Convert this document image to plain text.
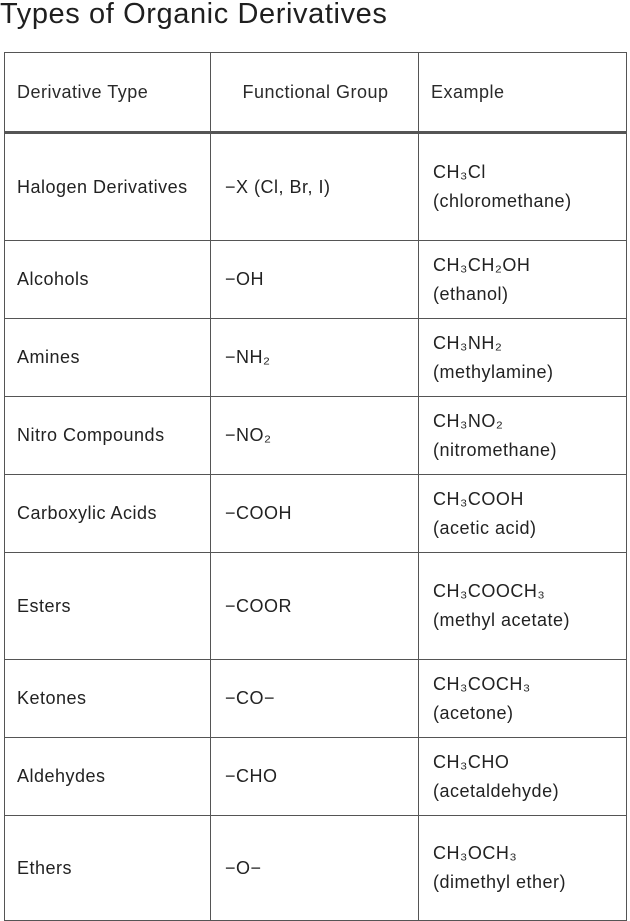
Types of Organic Derivatives
Derivative Type	Functional Group	Example
Halogen Derivatives	−X (Cl, Br, I)	CH₃Cl
(chloromethane)

Alcohols	−OH	CH₃CH₂OH
(ethanol)

Amines	−NH₂	CH₃NH₂
(methylamine)

Nitro Compounds	−NO₂	CH₃NO₂
(nitromethane)

Carboxylic Acids	−COOH	CH₃COOH
(acetic acid)

Esters	−COOR	CH₃COOCH₃
(methyl acetate)

Ketones	−CO−	CH₃COCH₃
(acetone)

Aldehydes	−CHO	CH₃CHO
(acetaldehyde)

Ethers	−O−	CH₃OCH₃
(dimethyl ether)
